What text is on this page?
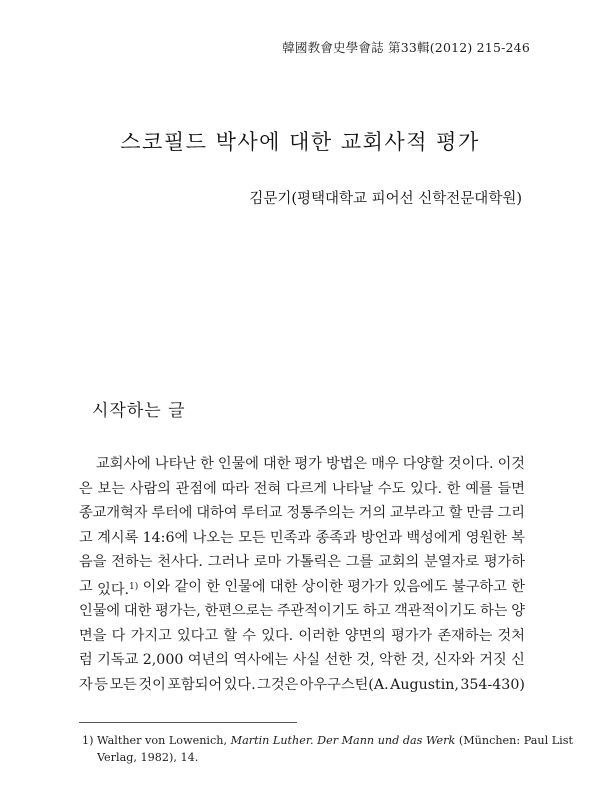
韓國教會史學會誌 第33輯(2012) 215-246
스코필드 박사에 대한 교회사적 평가
김문기(평택대학교 피어선 신학전문대학원)
시작하는 글
교회사에 나타난 한 인물에 대한 평가 방법은 매우 다양할 것이다. 이것
은 보는 사람의 관점에 따라 전혀 다르게 나타날 수도 있다. 한 예를 들면
종교개혁자 루터에 대하여 루터교 정통주의는 거의 교부라고 할 만큼 그리
고 계시록 14:6에 나오는 모든 민족과 종족과 방언과 백성에게 영원한 복
음을 전하는 천사다. 그러나 로마 가톨릭은 그를 교회의 분열자로 평가하
고 있다.$^{1)}$ 이와 같이 한 인물에 대한 상이한 평가가 있음에도 불구하고 한
인물에 대한 평가는, 한편으로는 주관적이기도 하고 객관적이기도 하는 양
면을 다 가지고 있다고 할 수 있다. 이러한 양면의 평가가 존재하는 것처
럼 기독교 2,000 여년의 역사에는 사실 선한 것, 악한 것, 신자와 거짓 신
자 등 모든 것이 포함되어 있다. 그것은 아우구스틴(A. Augustin, 354-430)
1) Walther von Lowenich, Martin Luther. Der Mann und das Werk (München: Paul List
Verlag, 1982), 14.
